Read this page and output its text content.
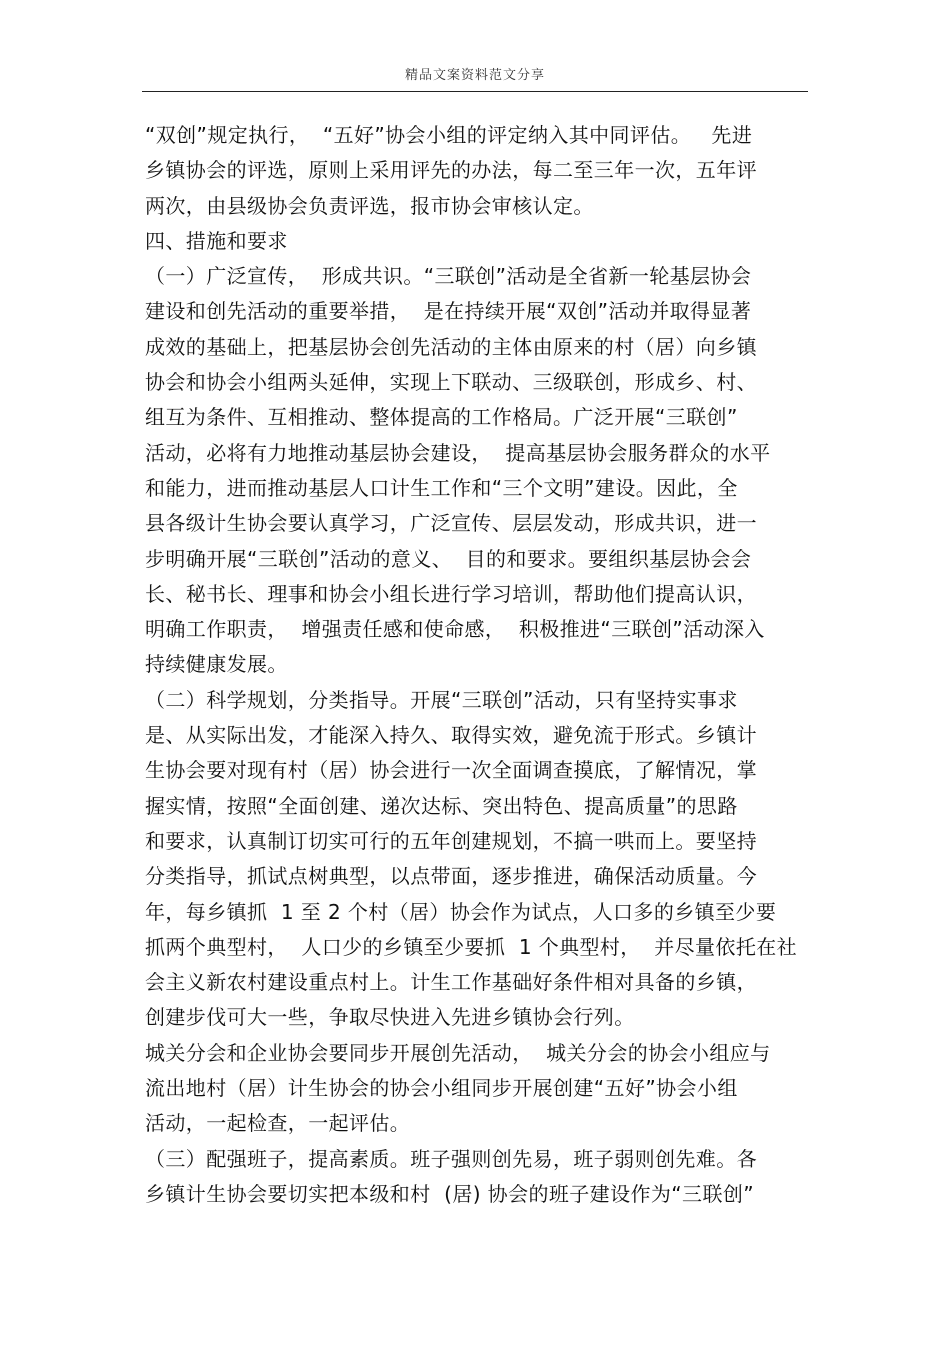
精品文案资料范文分享
“双创”规定执行，  “五好”协会小组的评定纳入其中同评估。   先进
乡镇协会的评选，原则上采用评先的办法，每二至三年一次，五年评
两次，由县级协会负责评选，报市协会审核认定。
四、措施和要求
（一）广泛宣传，  形成共识。“三联创”活动是全省新一轮基层协会
建设和创先活动的重要举措，  是在持续开展“双创”活动并取得显著
成效的基础上，把基层协会创先活动的主体由原来的村（居）向乡镇
协会和协会小组两头延伸，实现上下联动、三级联创，形成乡、村、
组互为条件、互相推动、整体提高的工作格局。广泛开展“三联创”
活动，必将有力地推动基层协会建设，  提高基层协会服务群众的水平
和能力，进而推动基层人口计生工作和“三个文明”建设。因此，全
县各级计生协会要认真学习，广泛宣传、层层发动，形成共识，进一
步明确开展“三联创”活动的意义、  目的和要求。要组织基层协会会
长、秘书长、理事和协会小组长进行学习培训，帮助他们提高认识，
明确工作职责，  增强责任感和使命感，  积极推进“三联创”活动深入
持续健康发展。
（二）科学规划，分类指导。开展“三联创”活动，只有坚持实事求
是、从实际出发，才能深入持久、取得实效，避免流于形式。乡镇计
生协会要对现有村（居）协会进行一次全面调查摸底，了解情况，掌
握实情，按照“全面创建、递次达标、突出特色、提高质量”的思路
和要求，认真制订切实可行的五年创建规划，不搞一哄而上。要坚持
分类指导，抓试点树典型，以点带面，逐步推进，确保活动质量。今
年，每乡镇抓  1 至 2 个村（居）协会作为试点，人口多的乡镇至少要
抓两个典型村，  人口少的乡镇至少要抓  1 个典型村，  并尽量依托在社
会主义新农村建设重点村上。计生工作基础好条件相对具备的乡镇，
创建步伐可大一些，争取尽快进入先进乡镇协会行列。
城关分会和企业协会要同步开展创先活动，  城关分会的协会小组应与
流出地村（居）计生协会的协会小组同步开展创建“五好”协会小组
活动，一起检查，一起评估。
（三）配强班子，提高素质。班子强则创先易，班子弱则创先难。各
乡镇计生协会要切实把本级和村  (居) 协会的班子建设作为“三联创”
